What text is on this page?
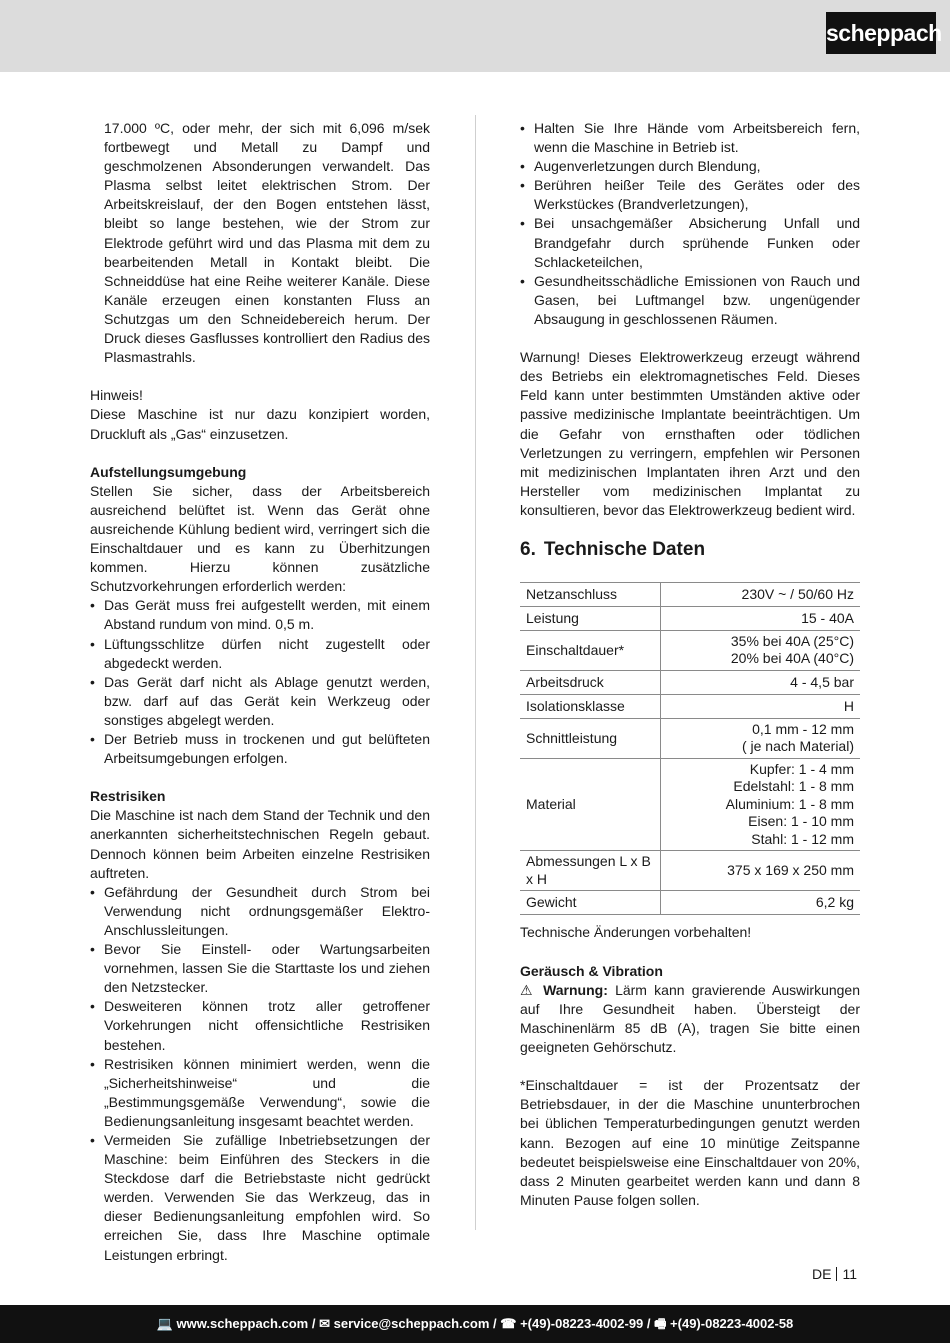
scheppach

17.000 ºC, oder mehr, der sich mit 6,096 m/sek fortbewegt und Metall zu Dampf und geschmolzenen Absonderungen verwandelt. Das Plasma selbst leitet elektrischen Strom. Der Arbeitskreislauf, der den Bogen entstehen lässt, bleibt so lange bestehen, wie der Strom zur Elektrode geführt wird und das Plasma mit dem zu bearbeitenden Metall in Kontakt bleibt. Die Schneiddüse hat eine Reihe weiterer Kanäle. Diese Kanäle erzeugen einen konstanten Fluss an Schutzgas um den Schneidebereich herum. Der Druck dieses Gasflusses kontrolliert den Radius des Plasmastrahls.

Hinweis!

Diese Maschine ist nur dazu konzipiert worden, Druckluft als „Gas“ einzusetzen.

Aufstellungsumgebung

Stellen Sie sicher, dass der Arbeitsbereich ausreichend belüftet ist. Wenn das Gerät ohne ausreichende Kühlung bedient wird, verringert sich die Einschaltdauer und es kann zu Überhitzungen kommen. Hierzu können zusätzliche Schutzvorkehrungen erforderlich werden:

• Das Gerät muss frei aufgestellt werden, mit einem Abstand rundum von mind. 0,5 m.
• Lüftungsschlitze dürfen nicht zugestellt oder abgedeckt werden.
• Das Gerät darf nicht als Ablage genutzt werden, bzw. darf auf das Gerät kein Werkzeug oder sonstiges abgelegt werden.
• Der Betrieb muss in trockenen und gut belüfteten Arbeitsumgebungen erfolgen.

Restrisiken

Die Maschine ist nach dem Stand der Technik und den anerkannten sicherheitstechnischen Regeln gebaut. Dennoch können beim Arbeiten einzelne Restrisiken auftreten.

• Gefährdung der Gesundheit durch Strom bei Verwendung nicht ordnungsgemäßer Elektro-Anschlussleitungen.
• Bevor Sie Einstell- oder Wartungsarbeiten vornehmen, lassen Sie die Starttaste los und ziehen den Netzstecker.
• Desweiteren können trotz aller getroffener Vorkehrungen nicht offensichtliche Restrisiken bestehen.
• Restrisiken können minimiert werden, wenn die „Sicherheitshinweise“ und die „Bestimmungsgemäße Verwendung“, sowie die Bedienungsanleitung insgesamt beachtet werden.
• Vermeiden Sie zufällige Inbetriebsetzungen der Maschine: beim Einführen des Steckers in die Steckdose darf die Betriebstaste nicht gedrückt werden. Verwenden Sie das Werkzeug, das in dieser Bedienungsanleitung empfohlen wird. So erreichen Sie, dass Ihre Maschine optimale Leistungen erbringt.
• Halten Sie Ihre Hände vom Arbeitsbereich fern, wenn die Maschine in Betrieb ist.
• Augenverletzungen durch Blendung,
• Berühren heißer Teile des Gerätes oder des Werkstückes (Brandverletzungen),
• Bei unsachgemäßer Absicherung Unfall und Brandgefahr durch sprühende Funken oder Schlacketeilchen,
• Gesundheitsschädliche Emissionen von Rauch und Gasen, bei Luftmangel bzw. ungenügender Absaugung in geschlossenen Räumen.

Warnung! Dieses Elektrowerkzeug erzeugt während des Betriebs ein elektromagnetisches Feld. Dieses Feld kann unter bestimmten Umständen aktive oder passive medizinische Implantate beeinträchtigen. Um die Gefahr von ernsthaften oder tödlichen Verletzungen zu verringern, empfehlen wir Personen mit medizinischen Implantaten ihren Arzt und den Hersteller vom medizinischen Implantat zu konsultieren, bevor das Elektrowerkzeug bedient wird.

6. Technische Daten
Netzanschluss	230V ~ / 50/60 Hz

Leistung	15 - 40A

Einschaltdauer*	35% bei 40A (25°C)
20% bei 40A (40°C)

Arbeitsdruck	4 - 4,5 bar

Isolationsklasse	H

Schnittleistung	0,1 mm - 12 mm
( je nach Material)

Material	Kupfer: 1 - 4 mm
Edelstahl: 1 - 8 mm
Aluminium: 1 - 8 mm
Eisen: 1 - 10 mm
Stahl: 1 - 12 mm

Abmessungen L x B x H	375 x 169 x 250 mm

Gewicht	6,2 kg

Technische Änderungen vorbehalten!

Geräusch & Vibration

⚠ Warnung: Lärm kann gravierende Auswirkungen auf Ihre Gesundheit haben. Übersteigt der Maschinenlärm 85 dB (A), tragen Sie bitte einen geeigneten Gehörschutz.

*Einschaltdauer = ist der Prozentsatz der Betriebsdauer, in der die Maschine ununterbrochen bei üblichen Temperaturbedingungen genutzt werden kann. Bezogen auf eine 10 minütige Zeitspanne bedeutet beispielsweise eine Einschaltdauer von 20%, dass 2 Minuten gearbeitet werden kann und dann 8 Minuten Pause folgen sollen.

DE 11
💻 www.scheppach.com / ✉ service@scheppach.com / ☎ +(49)-08223-4002-99 / 🖷 +(49)-08223-4002-58
